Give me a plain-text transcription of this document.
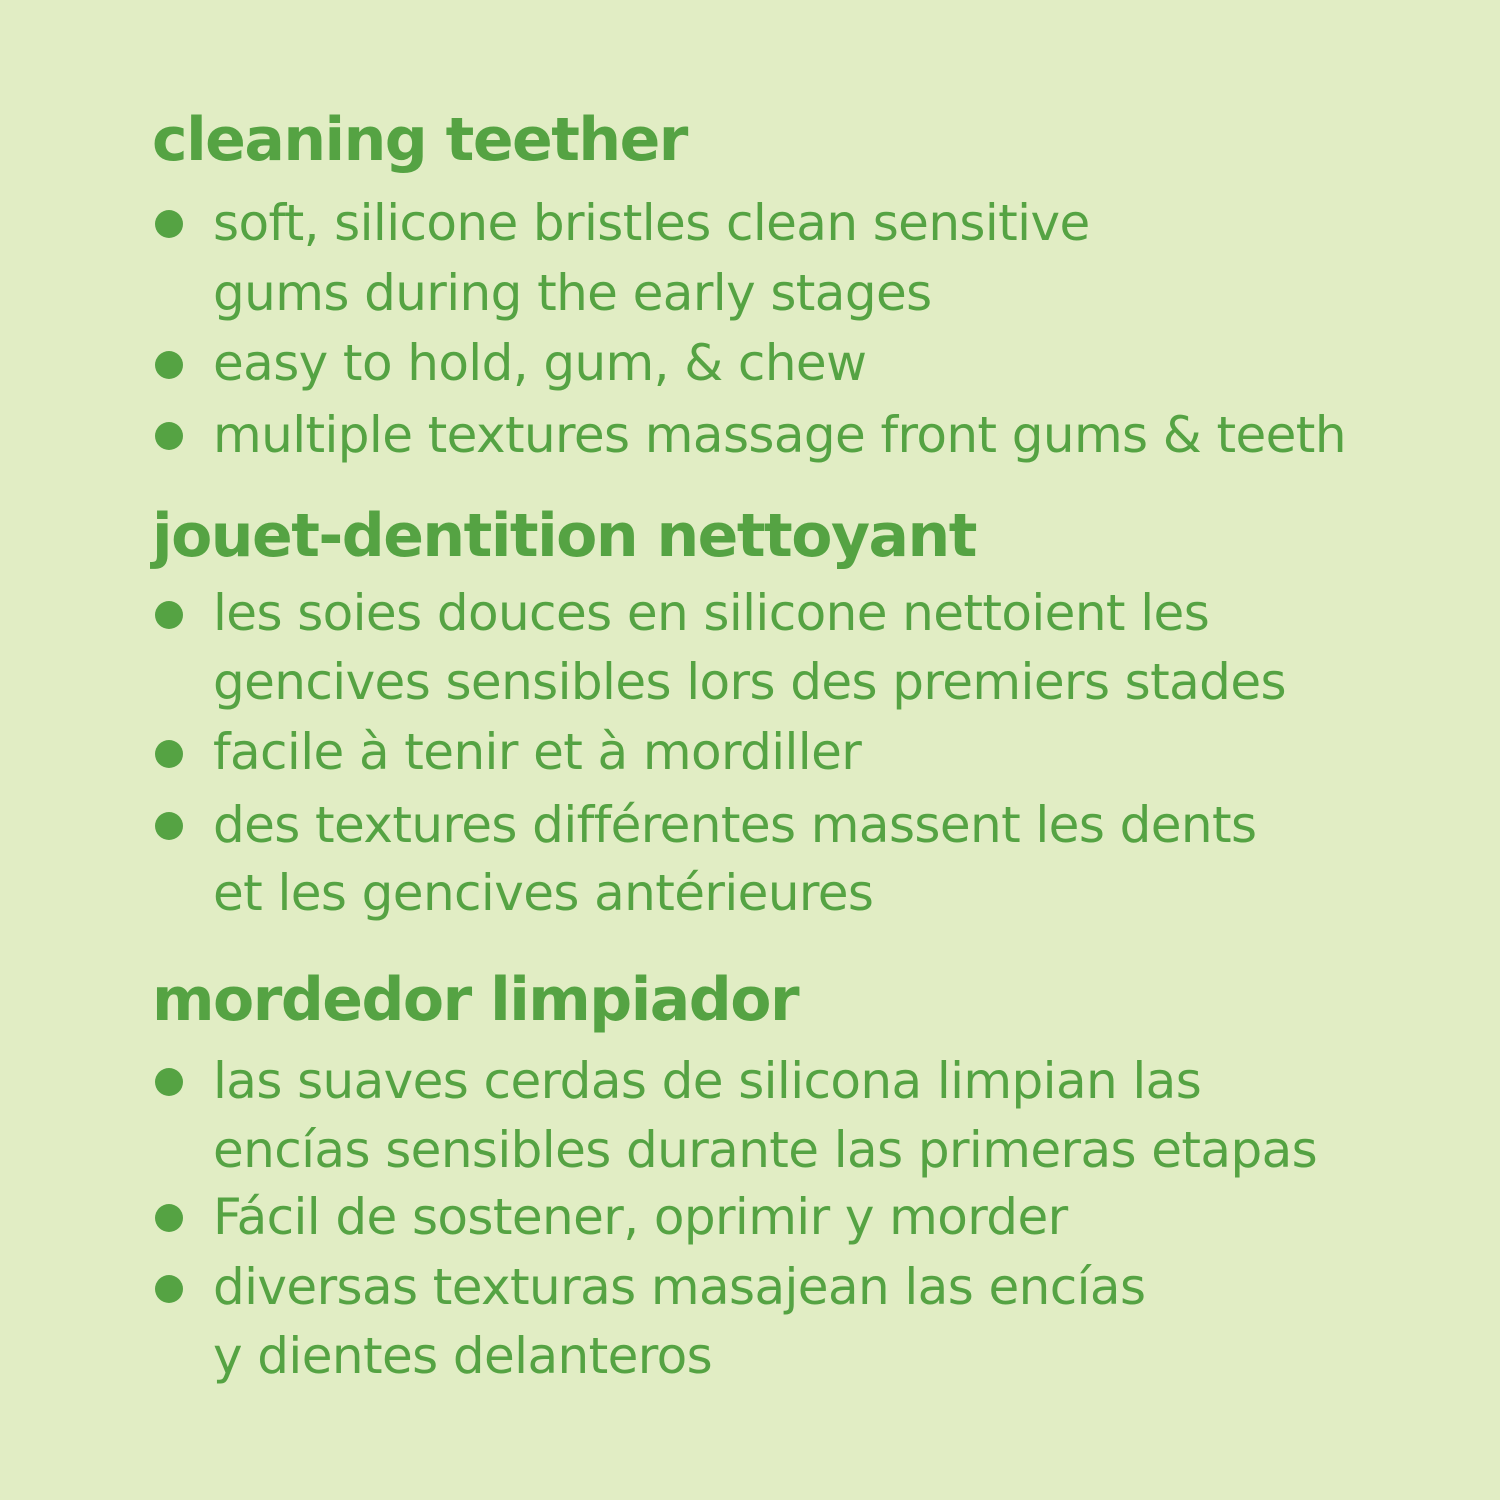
cleaning teether
soft, silicone bristles clean sensitive
gums during the early stages
easy to hold, gum, & chew
multiple textures massage front gums & teeth
jouet-dentition nettoyant
les soies douces en silicone nettoient les
gencives sensibles lors des premiers stades
facile à tenir et à mordiller
des textures différentes massent les dents
et les gencives antérieures
mordedor limpiador
las suaves cerdas de silicona limpian las
encías sensibles durante las primeras etapas
Fácil de sostener, oprimir y morder
diversas texturas masajean las encías
y dientes delanteros
